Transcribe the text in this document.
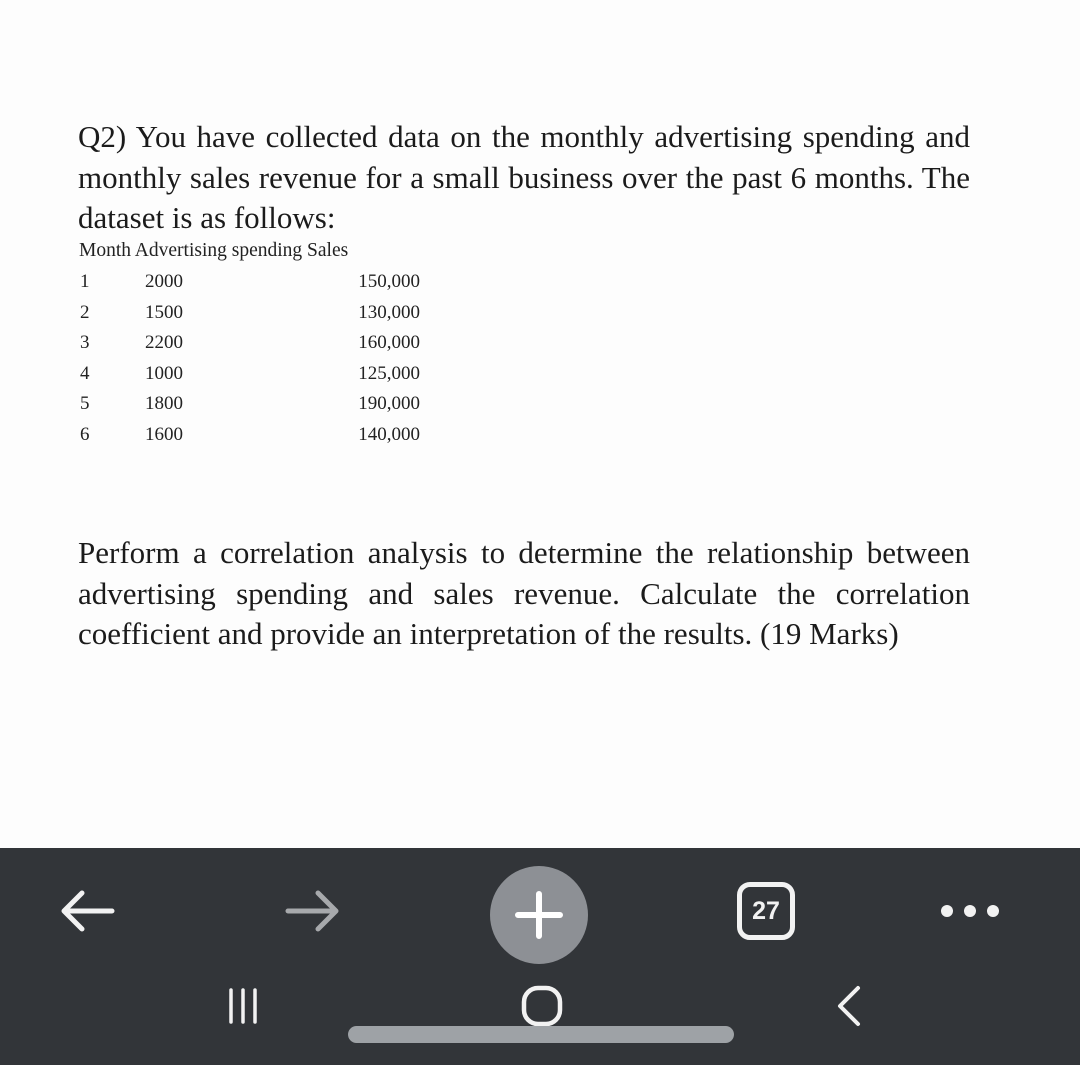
Q2) You have collected data on the monthly advertising spending and monthly sales revenue for a small business over the past 6 months. The dataset is as follows:

Month Advertising spending Sales

1	2000	150,000
2	1500	130,000
3	2200	160,000
4	1000	125,000
5	1800	190,000
6	1600	140,000

Perform a correlation analysis to determine the relationship between advertising spending and sales revenue. Calculate the correlation coefficient and provide an interpretation of the results. (19 Marks)

27
